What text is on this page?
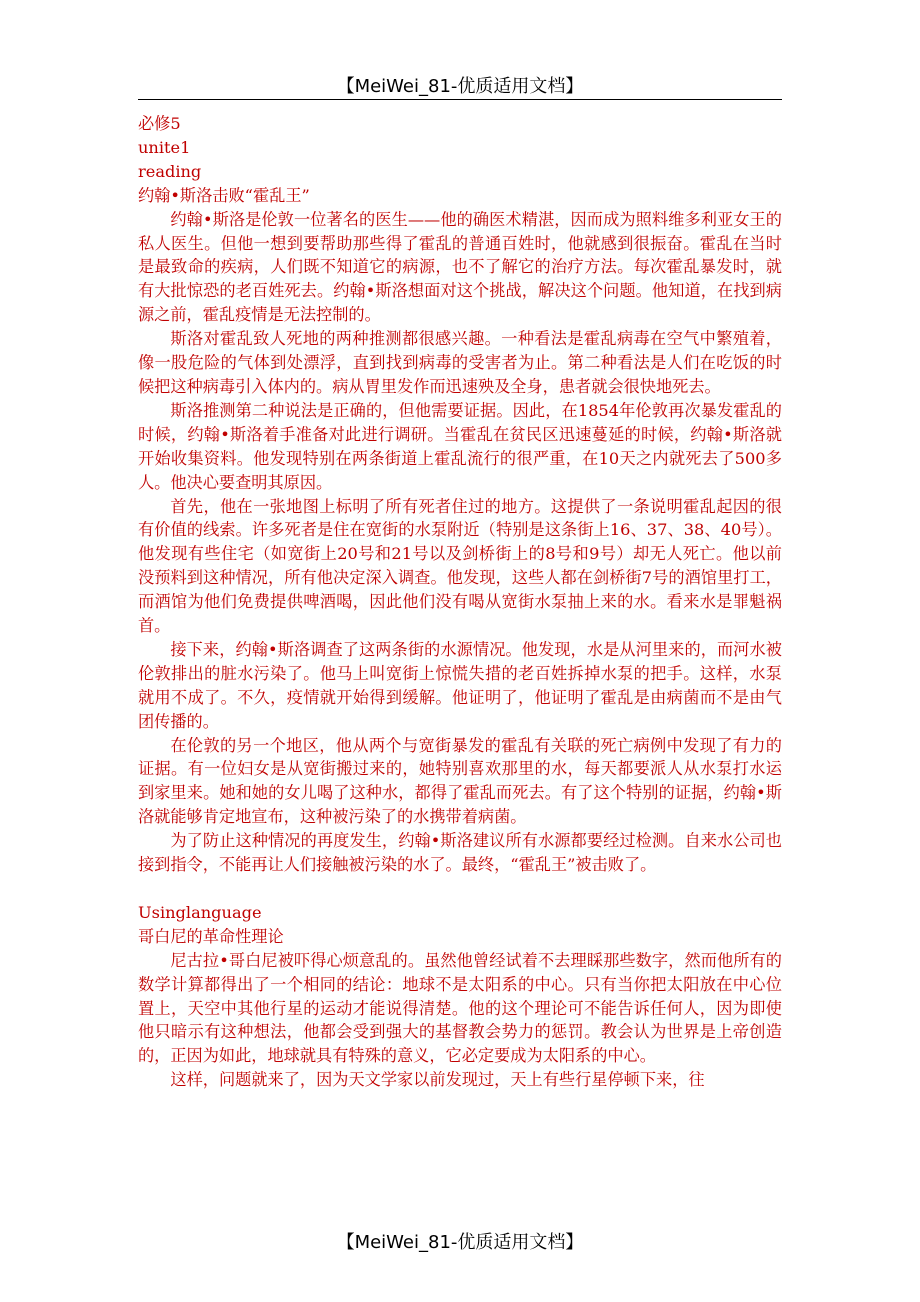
【MeiWei_81-优质适用文档】

必修5

unite1

reading

约翰•斯洛击败“霍乱王”

约翰•斯洛是伦敦一位著名的医生——他的确医术精湛，因而成为照料维多利亚女王的私人医生。但他一想到要帮助那些得了霍乱的普通百姓时，他就感到很振奋。霍乱在当时是最致命的疾病，人们既不知道它的病源，也不了解它的治疗方法。每次霍乱暴发时，就有大批惊恐的老百姓死去。约翰•斯洛想面对这个挑战，解决这个问题。他知道，在找到病源之前，霍乱疫情是无法控制的。

斯洛对霍乱致人死地的两种推测都很感兴趣。一种看法是霍乱病毒在空气中繁殖着，像一股危险的气体到处漂浮，直到找到病毒的受害者为止。第二种看法是人们在吃饭的时候把这种病毒引入体内的。病从胃里发作而迅速殃及全身，患者就会很快地死去。

斯洛推测第二种说法是正确的，但他需要证据。因此，在1854年伦敦再次暴发霍乱的时候，约翰•斯洛着手准备对此进行调研。当霍乱在贫民区迅速蔓延的时候，约翰•斯洛就开始收集资料。他发现特别在两条街道上霍乱流行的很严重，在10天之内就死去了500多人。他决心要查明其原因。

首先，他在一张地图上标明了所有死者住过的地方。这提供了一条说明霍乱起因的很有价值的线索。许多死者是住在宽街的水泵附近（特别是这条街上16、37、38、40号）。他发现有些住宅（如宽街上20号和21号以及剑桥街上的8号和9号）却无人死亡。他以前没预料到这种情况，所有他决定深入调查。他发现，这些人都在剑桥街7号的酒馆里打工，而酒馆为他们免费提供啤酒喝，因此他们没有喝从宽街水泵抽上来的水。看来水是罪魁祸首。

接下来，约翰•斯洛调查了这两条街的水源情况。他发现，水是从河里来的，而河水被伦敦排出的脏水污染了。他马上叫宽街上惊慌失措的老百姓拆掉水泵的把手。这样，水泵就用不成了。不久，疫情就开始得到缓解。他证明了，他证明了霍乱是由病菌而不是由气团传播的。

在伦敦的另一个地区，他从两个与宽街暴发的霍乱有关联的死亡病例中发现了有力的证据。有一位妇女是从宽街搬过来的，她特别喜欢那里的水，每天都要派人从水泵打水运到家里来。她和她的女儿喝了这种水，都得了霍乱而死去。有了这个特别的证据，约翰•斯洛就能够肯定地宣布，这种被污染了的水携带着病菌。

为了防止这种情况的再度发生，约翰•斯洛建议所有水源都要经过检测。自来水公司也接到指令，不能再让人们接触被污染的水了。最终，“霍乱王”被击败了。

Usinglanguage

哥白尼的革命性理论

尼古拉•哥白尼被吓得心烦意乱的。虽然他曾经试着不去理睬那些数字，然而他所有的数学计算都得出了一个相同的结论：地球不是太阳系的中心。只有当你把太阳放在中心位置上，天空中其他行星的运动才能说得清楚。他的这个理论可不能告诉任何人，因为即使他只暗示有这种想法，他都会受到强大的基督教会势力的惩罚。教会认为世界是上帝创造的，正因为如此，地球就具有特殊的意义，它必定要成为太阳系的中心。

这样，问题就来了，因为天文学家以前发现过，天上有些行星停顿下来，往

【MeiWei_81-优质适用文档】
